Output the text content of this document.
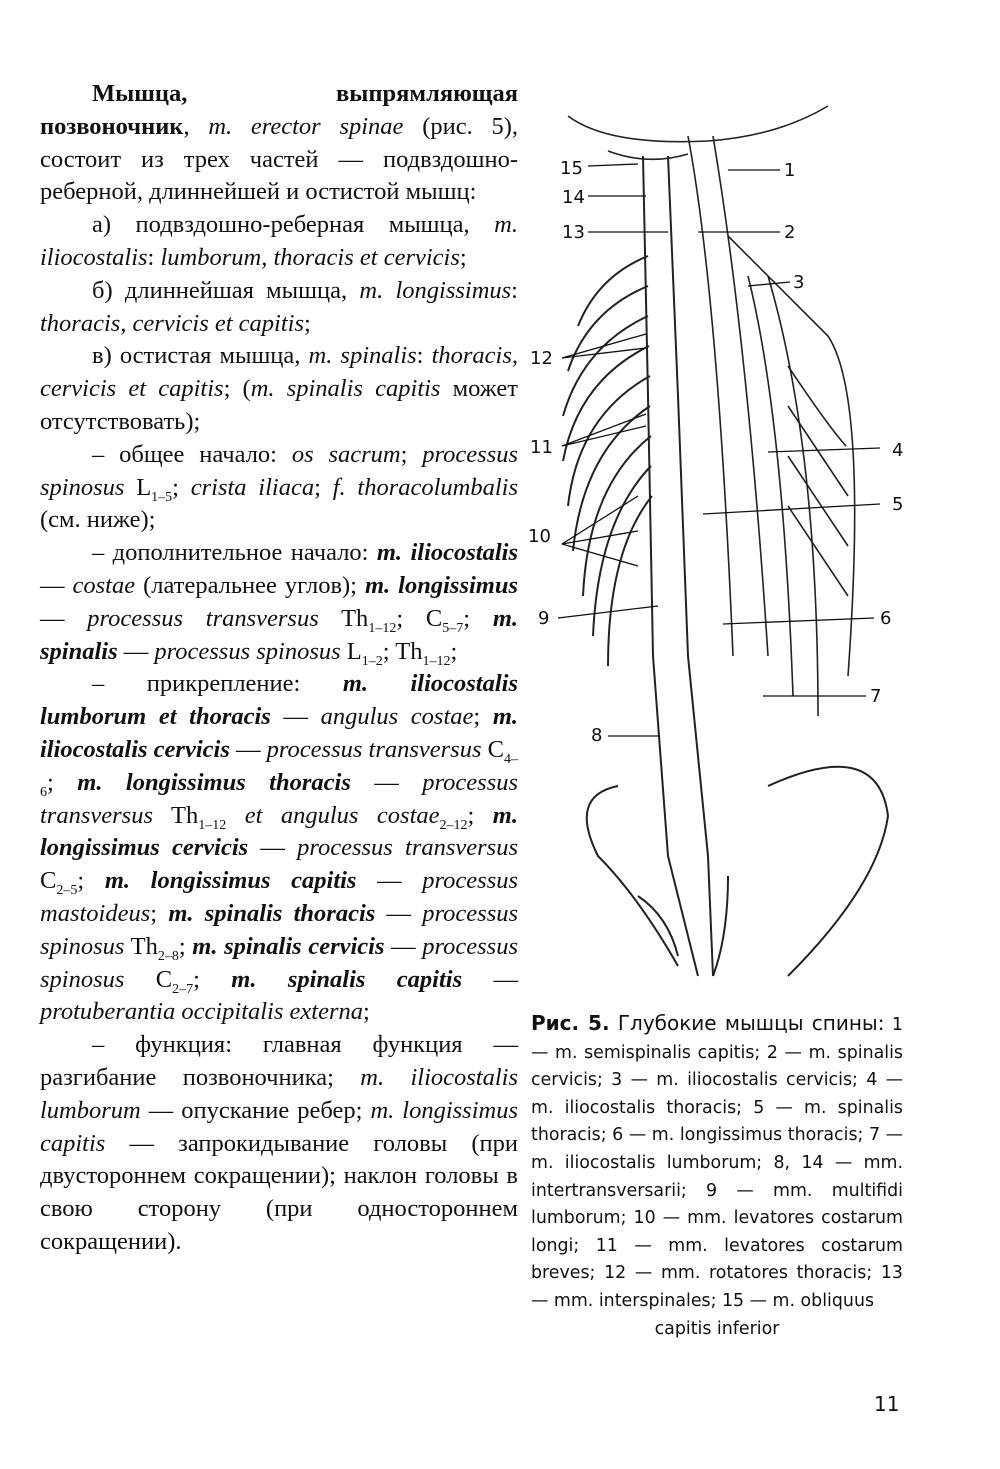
Мышца, выпрямляющая позвоночник, m. erector spinae (рис. 5), состоит из трех частей — подвздошно-реберной, длиннейшей и остистой мышц:

а) подвздошно-реберная мышца, m. iliocostalis: lumborum, thoracis et cervicis;

б) длиннейшая мышца, m. longissimus: thoracis, cervicis et capitis;

в) остистая мышца, m. spinalis: thoracis, cervicis et capitis; (m. spinalis capitis может отсутствовать);

– общее начало: os sacrum; processus spinosus $L_{1-5}$; crista iliaca; f. thoracolumbalis (см. ниже);

– дополнительное начало: m. iliocostalis — costae (латеральнее углов); m. longissimus — processus transversus $Th_{1-12}$; $C_{5-7}$; m. spinalis — processus spinosus $L_{1-2}$; $Th_{1-12}$;

– прикрепление: m. iliocostalis lumborum et thoracis — angulus costae; m. iliocostalis cervicis — processus transversus $C_{4-6}$; m. longissimus thoracis — processus transversus $Th_{1-12}$ et angulus costae$_{2-12}$; m. longissimus cervicis — processus transversus $C_{2-5}$; m. longissimus capitis — processus mastoideus; m. spinalis thoracis — processus spinosus $Th_{2-8}$; m. spinalis cervicis — processus spinosus $C_{2-7}$; m. spinalis capitis — protuberantia occipitalis externa;

– функция: главная функция — разгибание позвоночника; m. iliocostalis lumborum — опускание ребер; m. longissimus capitis — запрокидывание головы (при двустороннем сокращении); наклон головы в свою сторону (при одностороннем сокращении).

15
14
13
12
11
10
9
8
1
2
3
4
5
6
7
Рис. 5. Глубокие мышцы спины: 1 — m. semispinalis capitis; 2 — m. spinalis cervicis; 3 — m. iliocostalis cervicis; 4 — m. iliocostalis thoracis; 5 — m. spinalis thoracis; 6 — m. longissimus thoracis; 7 — m. iliocostalis lumborum; 8, 14 — mm. intertransversarii; 9 — mm. multifidi lumborum; 10 — mm. levatores costarum longi; 11 — mm. levatores costarum breves; 12 — mm. rotatores thoracis; 13 — mm. interspinales; 15 — m. obliquus
capitis inferior
11
